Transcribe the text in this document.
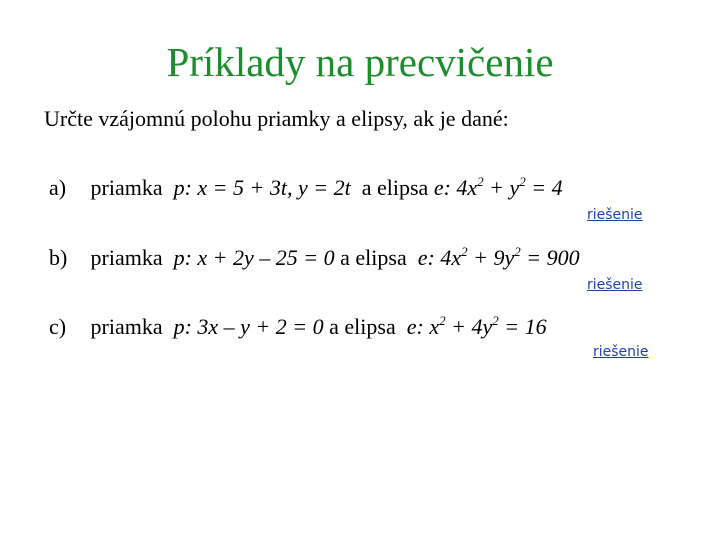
Príklady na precvičenie
Určte vzájomnú polohu priamky a elipsy, ak je dané:
a) priamka p: x = 5 + 3t, y = 2t a elipsa e: $4x^2 + y^2 = 4$
riešenie
b) priamka p: x + 2y – 25 = 0 a elipsa e: $4x^2 + 9y^2 = 900$
riešenie
c) priamka p: 3x – y + 2 = 0 a elipsa e: $x^2 + 4y^2 = 16$
riešenie
